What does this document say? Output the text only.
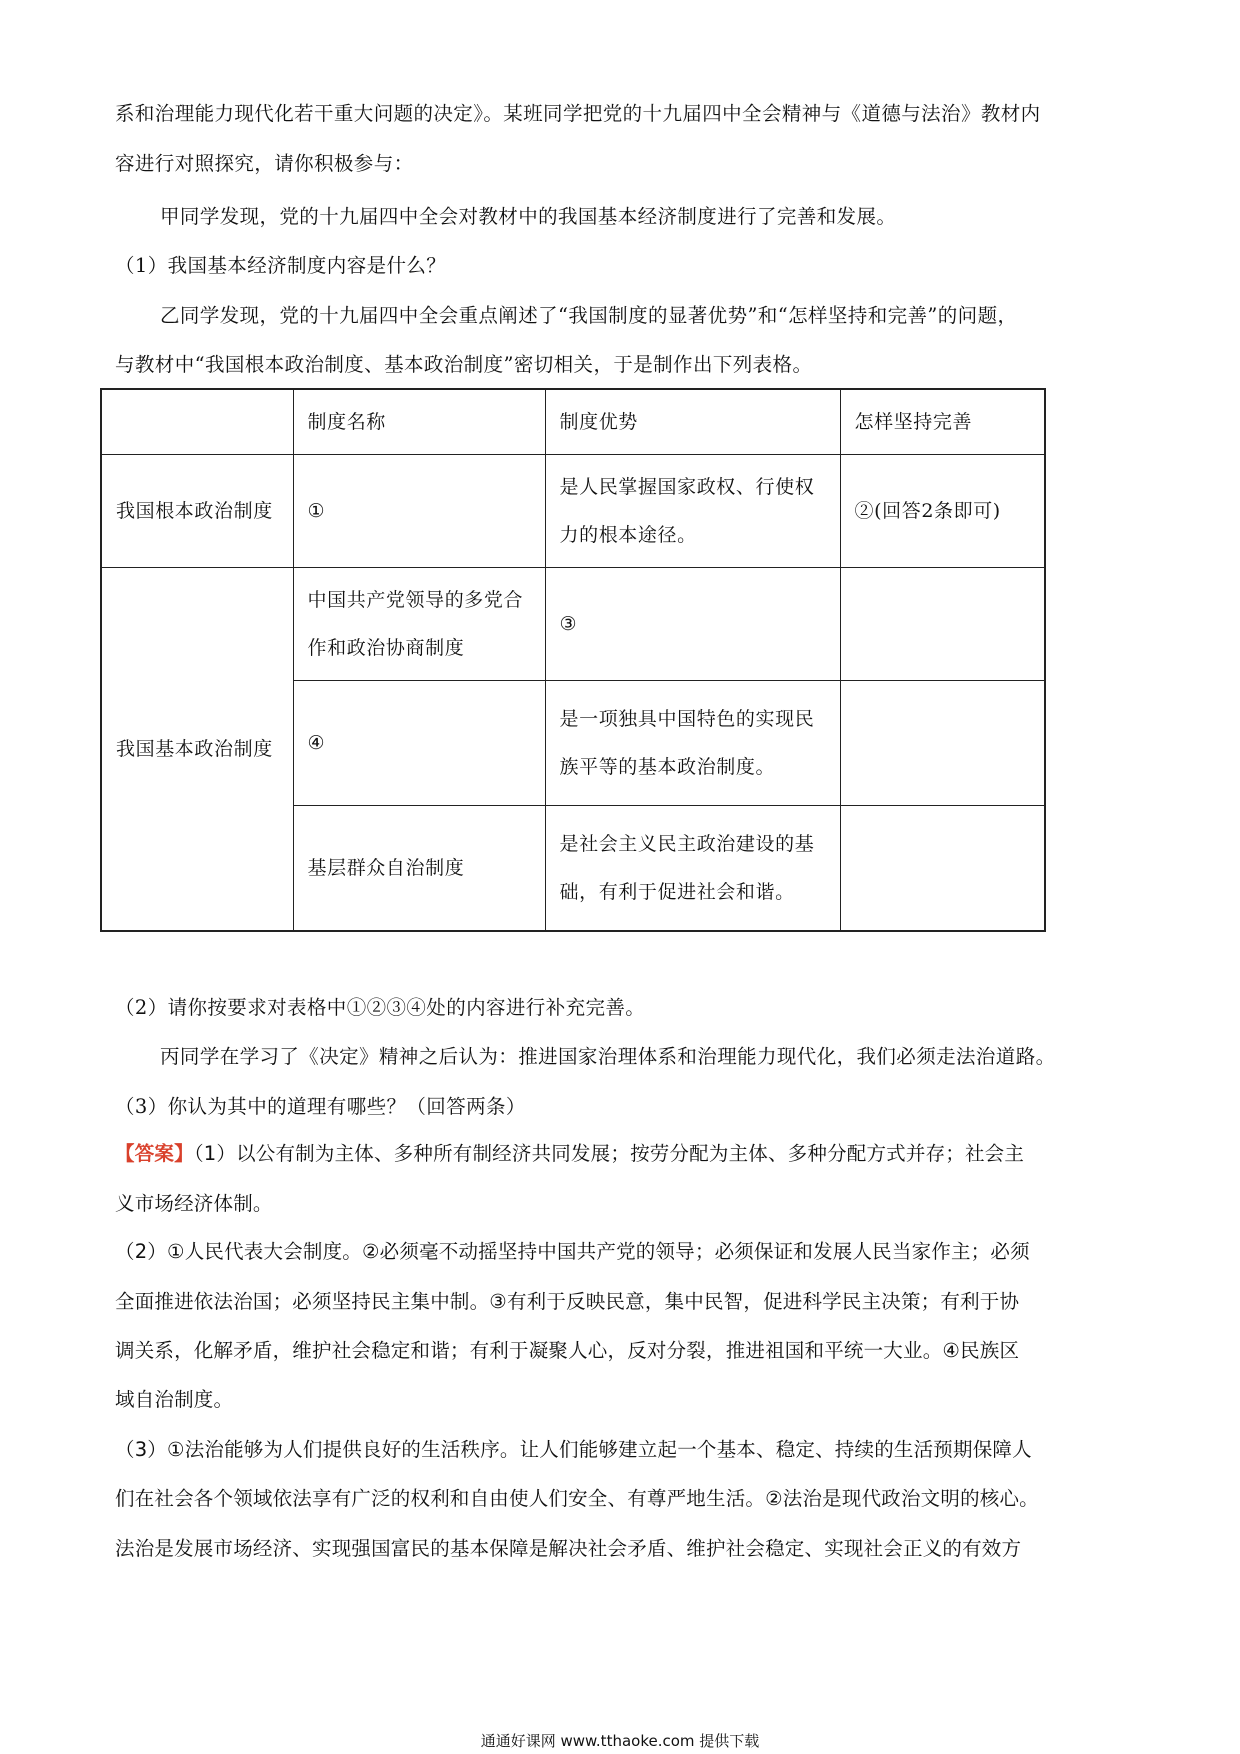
系和治理能力现代化若干重大问题的决定》。某班同学把党的十九届四中全会精神与《道德与法治》教材内
容进行对照探究，请你积极参与：
甲同学发现，党的十九届四中全会对教材中的我国基本经济制度进行了完善和发展。
（1）我国基本经济制度内容是什么？
乙同学发现，党的十九届四中全会重点阐述了“我国制度的显著优势”和“怎样坚持和完善”的问题，
与教材中“我国根本政治制度、基本政治制度”密切相关，于是制作出下列表格。
	制度名称	制度优势	怎样坚持完善
我国根本政治制度	①	是人民掌握国家政权、行使权力的根本途径。	②(回答2条即可)
我国基本政治制度	中国共产党领导的多党合作和政治协商制度	③	
	④	是一项独具中国特色的实现民族平等的基本政治制度。	
	基层群众自治制度	是社会主义民主政治建设的基础，有利于促进社会和谐。	
（2）请你按要求对表格中①②③④处的内容进行补充完善。
丙同学在学习了《决定》精神之后认为：推进国家治理体系和治理能力现代化，我们必须走法治道路。
（3）你认为其中的道理有哪些？（回答两条）
【答案】（1）以公有制为主体、多种所有制经济共同发展；按劳分配为主体、多种分配方式并存；社会主
义市场经济体制。
（2）①人民代表大会制度。②必须毫不动摇坚持中国共产党的领导；必须保证和发展人民当家作主；必须
全面推进依法治国；必须坚持民主集中制。③有利于反映民意，集中民智，促进科学民主决策；有利于协
调关系，化解矛盾，维护社会稳定和谐；有利于凝聚人心，反对分裂，推进祖国和平统一大业。④民族区
域自治制度。
（3）①法治能够为人们提供良好的生活秩序。让人们能够建立起一个基本、稳定、持续的生活预期保障人
们在社会各个领域依法享有广泛的权利和自由使人们安全、有尊严地生活。②法治是现代政治文明的核心。
法治是发展市场经济、实现强国富民的基本保障是解决社会矛盾、维护社会稳定、实现社会正义的有效方
通通好课网 www.tthaoke.com 提供下载
